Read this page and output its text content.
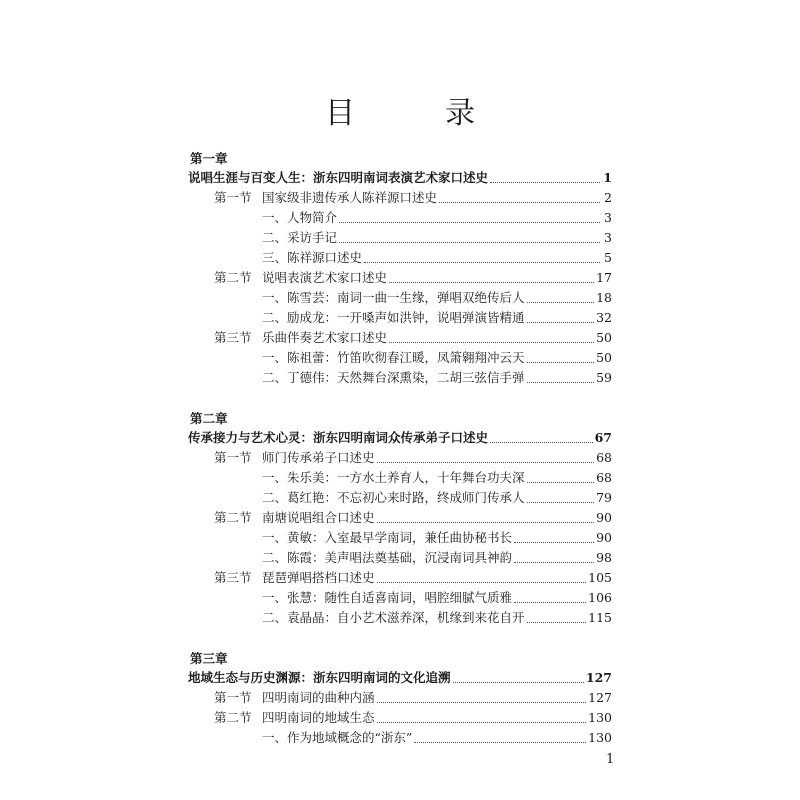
目　录
第一章
说唱生涯与百变人生：浙东四明南词表演艺术家口述史	1
第一节 国家级非遗传承人陈祥源口述史	2
一、人物简介	3
二、采访手记	3
三、陈祥源口述史	5
第二节 说唱表演艺术家口述史	17
一、陈雪芸：南词一曲一生缘，弹唱双绝传后人	18
二、励成龙：一开嗓声如洪钟，说唱弹演皆精通	32
第三节 乐曲伴奏艺术家口述史	50
一、陈祖蕾：竹笛吹彻春江暖，凤箫翱翔冲云天	50
二、丁德伟：天然舞台深熏染，二胡三弦信手弹	59
第二章
传承接力与艺术心灵：浙东四明南词众传承弟子口述史	67
第一节 师门传承弟子口述史	68
一、朱乐美：一方水土养育人，十年舞台功夫深	68
二、葛红艳：不忘初心来时路，终成师门传承人	79
第二节 南塘说唱组合口述史	90
一、黄敏：入室最早学南词，兼任曲协秘书长	90
二、陈霞：美声唱法奠基础，沉浸南词具神韵	98
第三节 琵琶弹唱搭档口述史	105
一、张慧：随性自适喜南词，唱腔细腻气质雅	106
二、袁晶晶：自小艺术滋养深，机缘到来花自开	115
第三章
地域生态与历史渊源：浙东四明南词的文化追溯	127
第一节 四明南词的曲种内涵	127
第二节 四明南词的地域生态	130
一、作为地域概念的“浙东”	130
1
